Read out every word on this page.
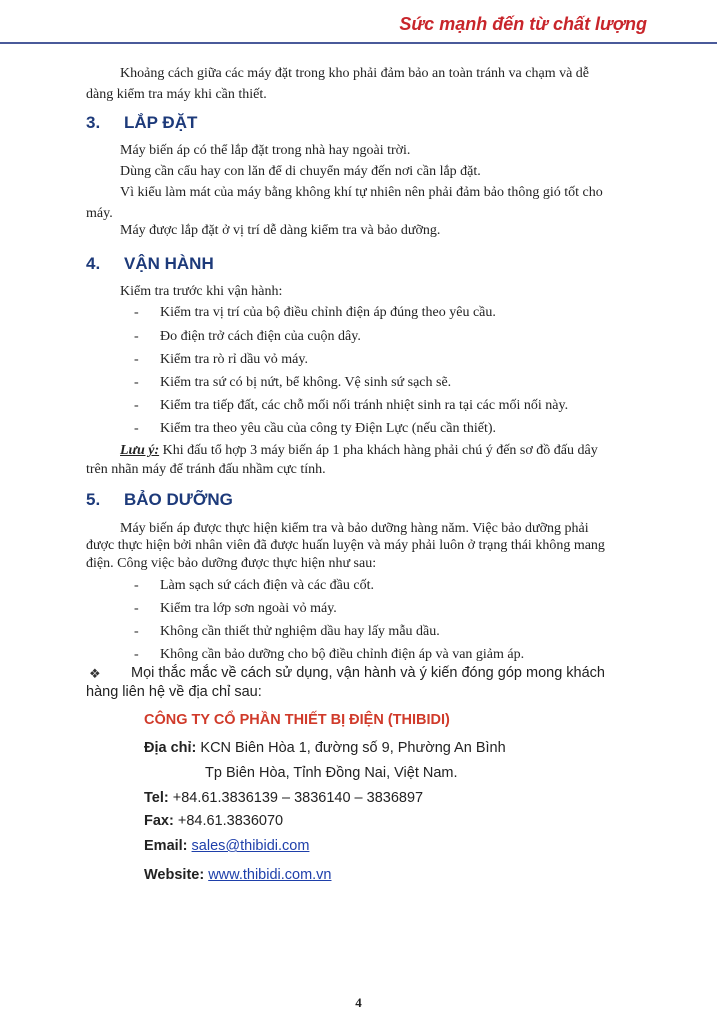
Sức mạnh đến từ chất lượng
Khoảng cách giữa các máy đặt trong kho phải đảm bảo an toàn tránh va chạm và dễ
dàng kiểm tra máy khi cần thiết.
3. LẮP ĐẶT
Máy biến áp có thể lắp đặt trong nhà hay ngoài trời.
Dùng cần cẩu hay con lăn để di chuyển máy đến nơi cần lắp đặt.
Vì kiểu làm mát của máy bằng không khí tự nhiên nên phải đảm bảo thông gió tốt cho
máy.
Máy được lắp đặt ở vị trí dễ dàng kiểm tra và bảo dưỡng.
4. VẬN HÀNH
Kiểm tra trước khi vận hành:
- Kiểm tra vị trí của bộ điều chỉnh điện áp đúng theo yêu cầu.
- Đo điện trở cách điện của cuộn dây.
- Kiểm tra rò rỉ dầu vỏ máy.
- Kiểm tra sứ có bị nứt, bể không. Vệ sinh sứ sạch sẽ.
- Kiểm tra tiếp đất, các chỗ mối nối tránh nhiệt sinh ra tại các mối nối này.
- Kiểm tra theo yêu cầu của công ty Điện Lực (nếu cần thiết).
Lưu ý: Khi đấu tổ hợp 3 máy biến áp 1 pha khách hàng phải chú ý đến sơ đồ đấu dây
trên nhãn máy để tránh đấu nhầm cực tính.
5. BẢO DƯỠNG
Máy biến áp được thực hiện kiểm tra và bảo dưỡng hàng năm. Việc bảo dưỡng phải
được thực hiện bởi nhân viên đã được huấn luyện và máy phải luôn ở trạng thái không mang
điện. Công việc bảo dưỡng được thực hiện như sau:
- Làm sạch sứ cách điện và các đầu cốt.
- Kiểm tra lớp sơn ngoài vỏ máy.
- Không cần thiết thử nghiệm dầu hay lấy mẫu dầu.
- Không cần bảo dưỡng cho bộ điều chỉnh điện áp và van giảm áp.
❖ Mọi thắc mắc về cách sử dụng, vận hành và ý kiến đóng góp mong khách
hàng liên hệ về địa chỉ sau:
CÔNG TY CỔ PHẦN THIẾT BỊ ĐIỆN (THIBIDI)
Địa chỉ: KCN Biên Hòa 1, đường số 9, Phường An Bình
Tp Biên Hòa, Tỉnh Đồng Nai, Việt Nam.
Tel: +84.61.3836139 – 3836140 – 3836897
Fax: +84.61.3836070
Email: sales@thibidi.com
Website: www.thibidi.com.vn
4
